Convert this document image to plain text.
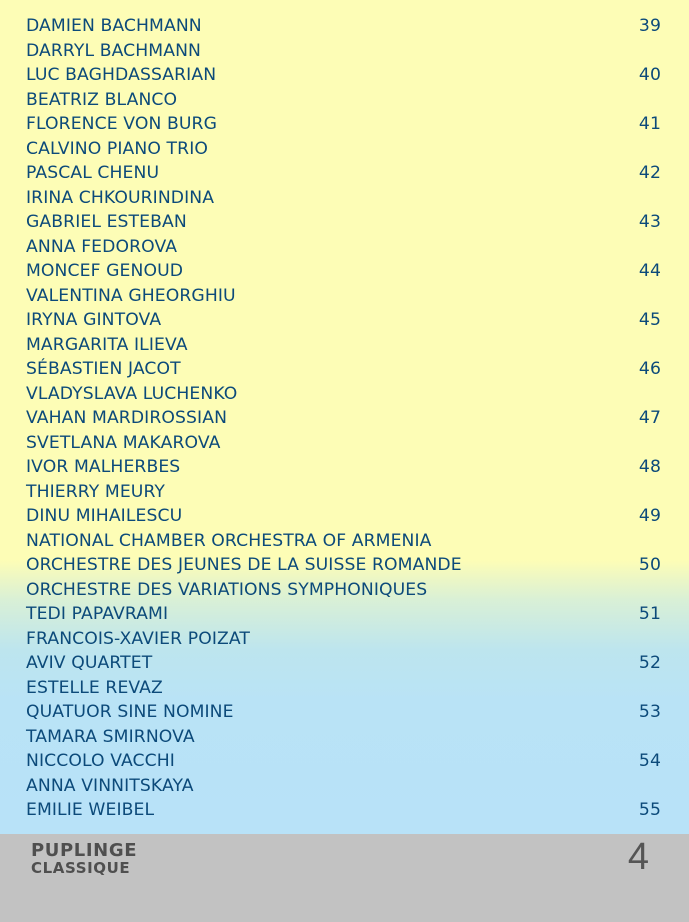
DAMIEN BACHMANN	39
DARRYL BACHMANN
LUC BAGHDASSARIAN	40
BEATRIZ BLANCO
FLORENCE VON BURG	41
CALVINO PIANO TRIO
PASCAL CHENU	42
IRINA CHKOURINDINA
GABRIEL ESTEBAN	43
ANNA FEDOROVA
MONCEF GENOUD	44
VALENTINA GHEORGHIU
IRYNA GINTOVA	45
MARGARITA ILIEVA
SÉBASTIEN JACOT	46
VLADYSLAVA LUCHENKO
VAHAN MARDIROSSIAN	47
SVETLANA MAKAROVA
IVOR MALHERBES	48
THIERRY MEURY
DINU MIHAILESCU	49
NATIONAL CHAMBER ORCHESTRA OF ARMENIA
ORCHESTRE DES JEUNES DE LA SUISSE ROMANDE	50
ORCHESTRE DES VARIATIONS SYMPHONIQUES
TEDI PAPAVRAMI	51
FRANCOIS-XAVIER POIZAT
AVIV QUARTET	52
ESTELLE REVAZ
QUATUOR SINE NOMINE	53
TAMARA SMIRNOVA
NICCOLO VACCHI	54
ANNA VINNITSKAYA
EMILIE WEIBEL	55
PUPLINGE
CLASSIQUE	4
